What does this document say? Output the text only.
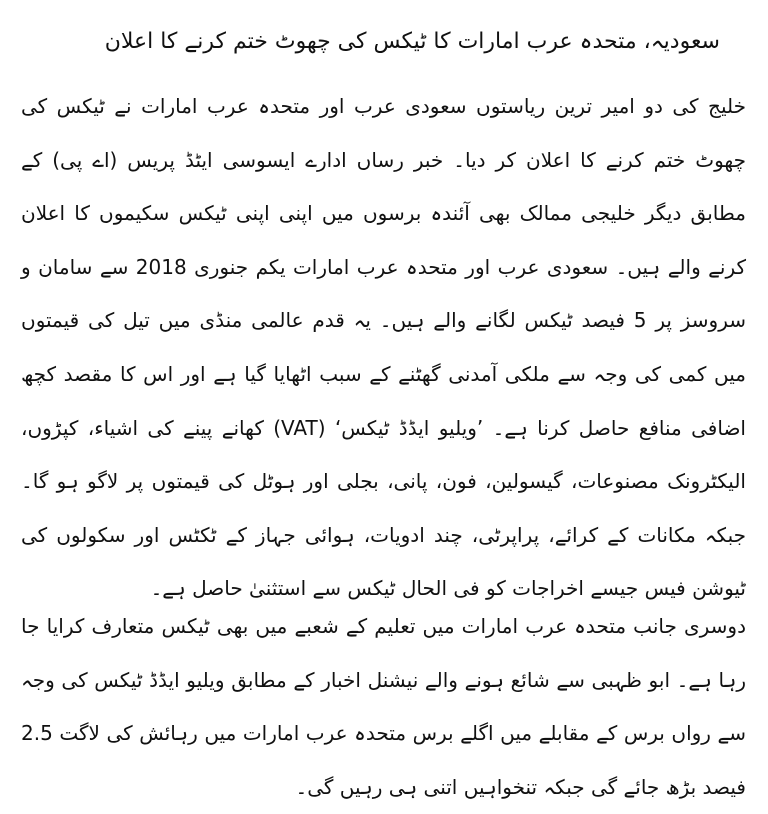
سعودیہ، متحدہ عرب امارات کا ٹیکس کی چھوٹ ختم کرنے کا اعلان

خلیج کی دو امیر ترین ریاستوں سعودی عرب اور متحدہ عرب امارات نے ٹیکس کی چھوٹ ختم کرنے کا اعلان کر دیا۔ خبر رساں ادارے ایسوسی ایٹڈ پریس (اے پی) کے مطابق دیگر خلیجی ممالک بھی آئندہ برسوں میں اپنی اپنی ٹیکس سکیموں کا اعلان کرنے والے ہیں۔ سعودی عرب اور متحدہ عرب امارات یکم جنوری 2018 سے سامان و سروسز پر 5 فیصد ٹیکس لگانے والے ہیں۔ یہ قدم عالمی منڈی میں تیل کی قیمتوں میں کمی کی وجہ سے ملکی آمدنی گھٹنے کے سبب اٹھایا گیا ہے اور اس کا مقصد کچھ اضافی منافع حاصل کرنا ہے۔ ’ویلیو ایڈڈ ٹیکس‘ (VAT) کھانے پینے کی اشیاء، کپڑوں، الیکٹرونک مصنوعات، گیسولین، فون، پانی، بجلی اور ہوٹل کی قیمتوں پر لاگو ہو گا۔ جبکہ مکانات کے کرائے، پراپرٹی، چند ادویات، ہوائی جہاز کے ٹکٹس اور سکولوں کی ٹیوشن فیس جیسے اخراجات کو فی الحال ٹیکس سے استثنیٰ حاصل ہے۔

دوسری جانب متحدہ عرب امارات میں تعلیم کے شعبے میں بھی ٹیکس متعارف کرایا جا رہا ہے۔ ابو ظہبی سے شائع ہونے والے نیشنل اخبار کے مطابق ویلیو ایڈڈ ٹیکس کی وجہ سے رواں برس کے مقابلے میں اگلے برس متحدہ عرب امارات میں رہائش کی لاگت 2.5 فیصد بڑھ جائے گی جبکہ تنخواہیں اتنی ہی رہیں گی۔
